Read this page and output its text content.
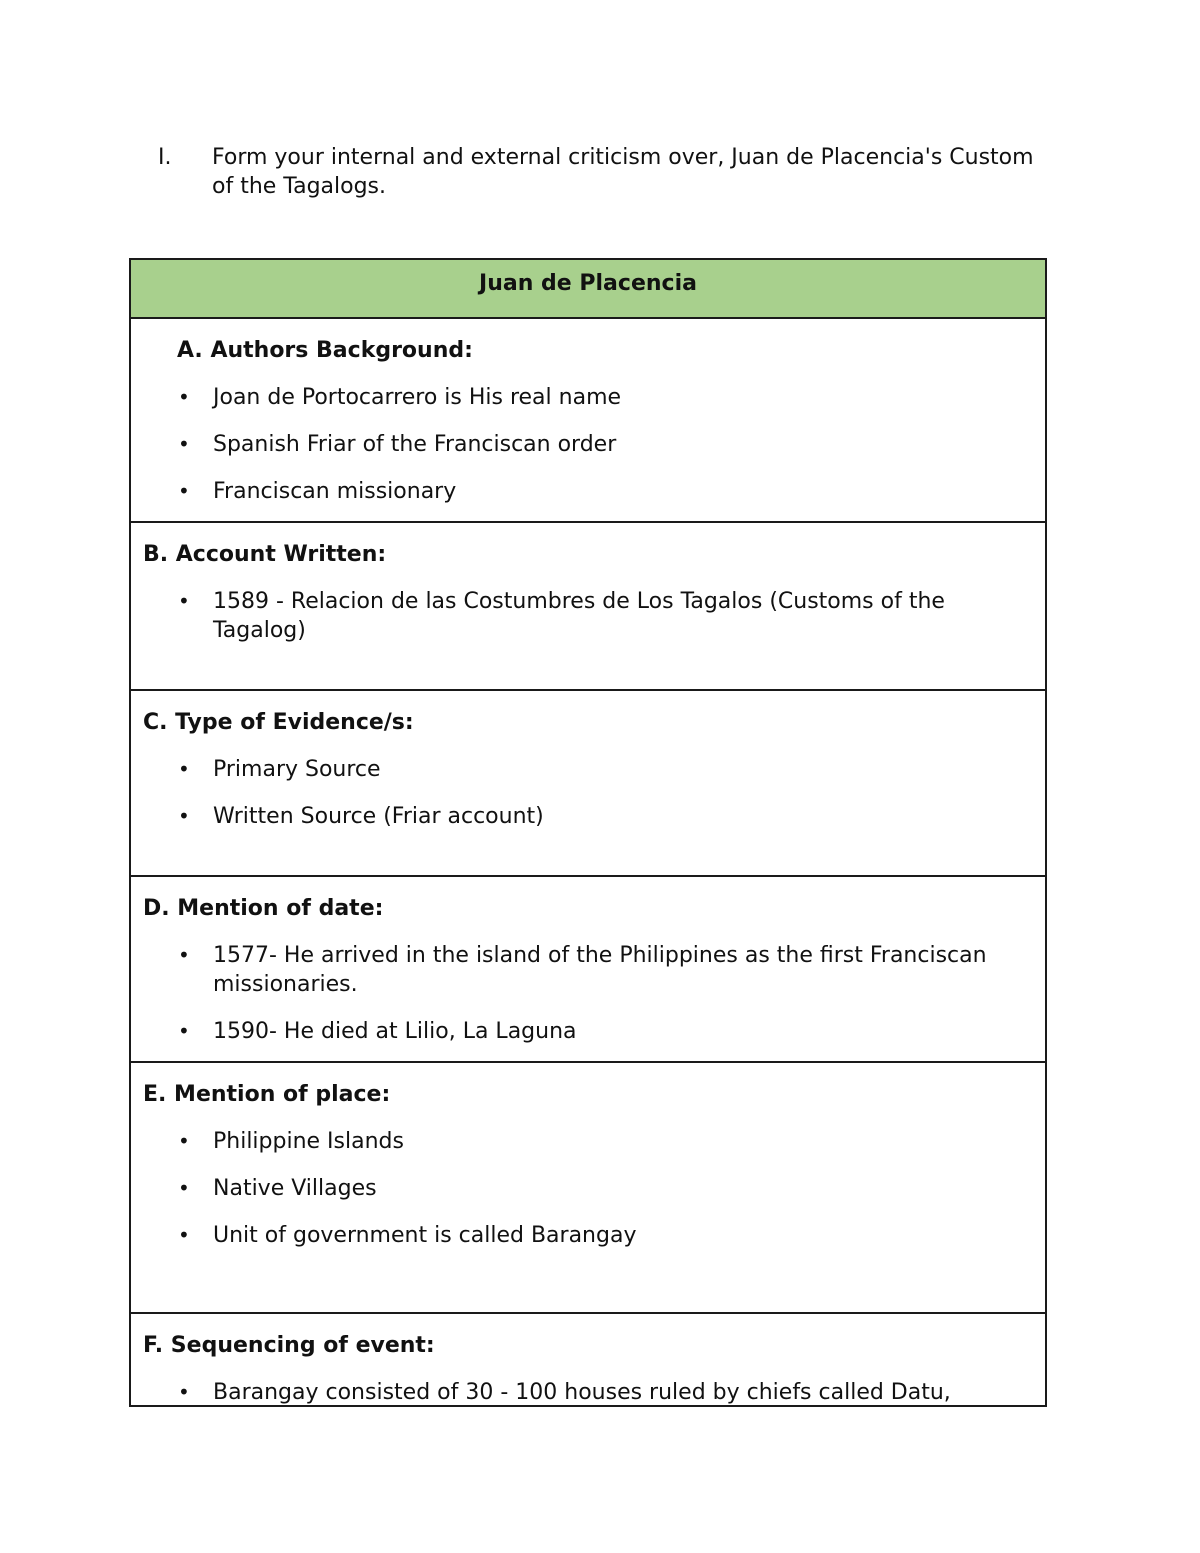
I. Form your internal and external criticism over, Juan de Placencia's Custom of the Tagalogs.
Juan de Placencia
A. Authors Background:
• Joan de Portocarrero is His real name
• Spanish Friar of the Franciscan order
• Franciscan missionary
B. Account Written:
• 1589 - Relacion de las Costumbres de Los Tagalos (Customs of the Tagalog)
C. Type of Evidence/s:
• Primary Source
• Written Source (Friar account)
D. Mention of date:
• 1577- He arrived in the island of the Philippines as the first Franciscan missionaries.
• 1590- He died at Lilio, La Laguna
E. Mention of place:
• Philippine Islands
• Native Villages
• Unit of government is called Barangay
F. Sequencing of event:
• Barangay consisted of 30 - 100 houses ruled by chiefs called Datu,
